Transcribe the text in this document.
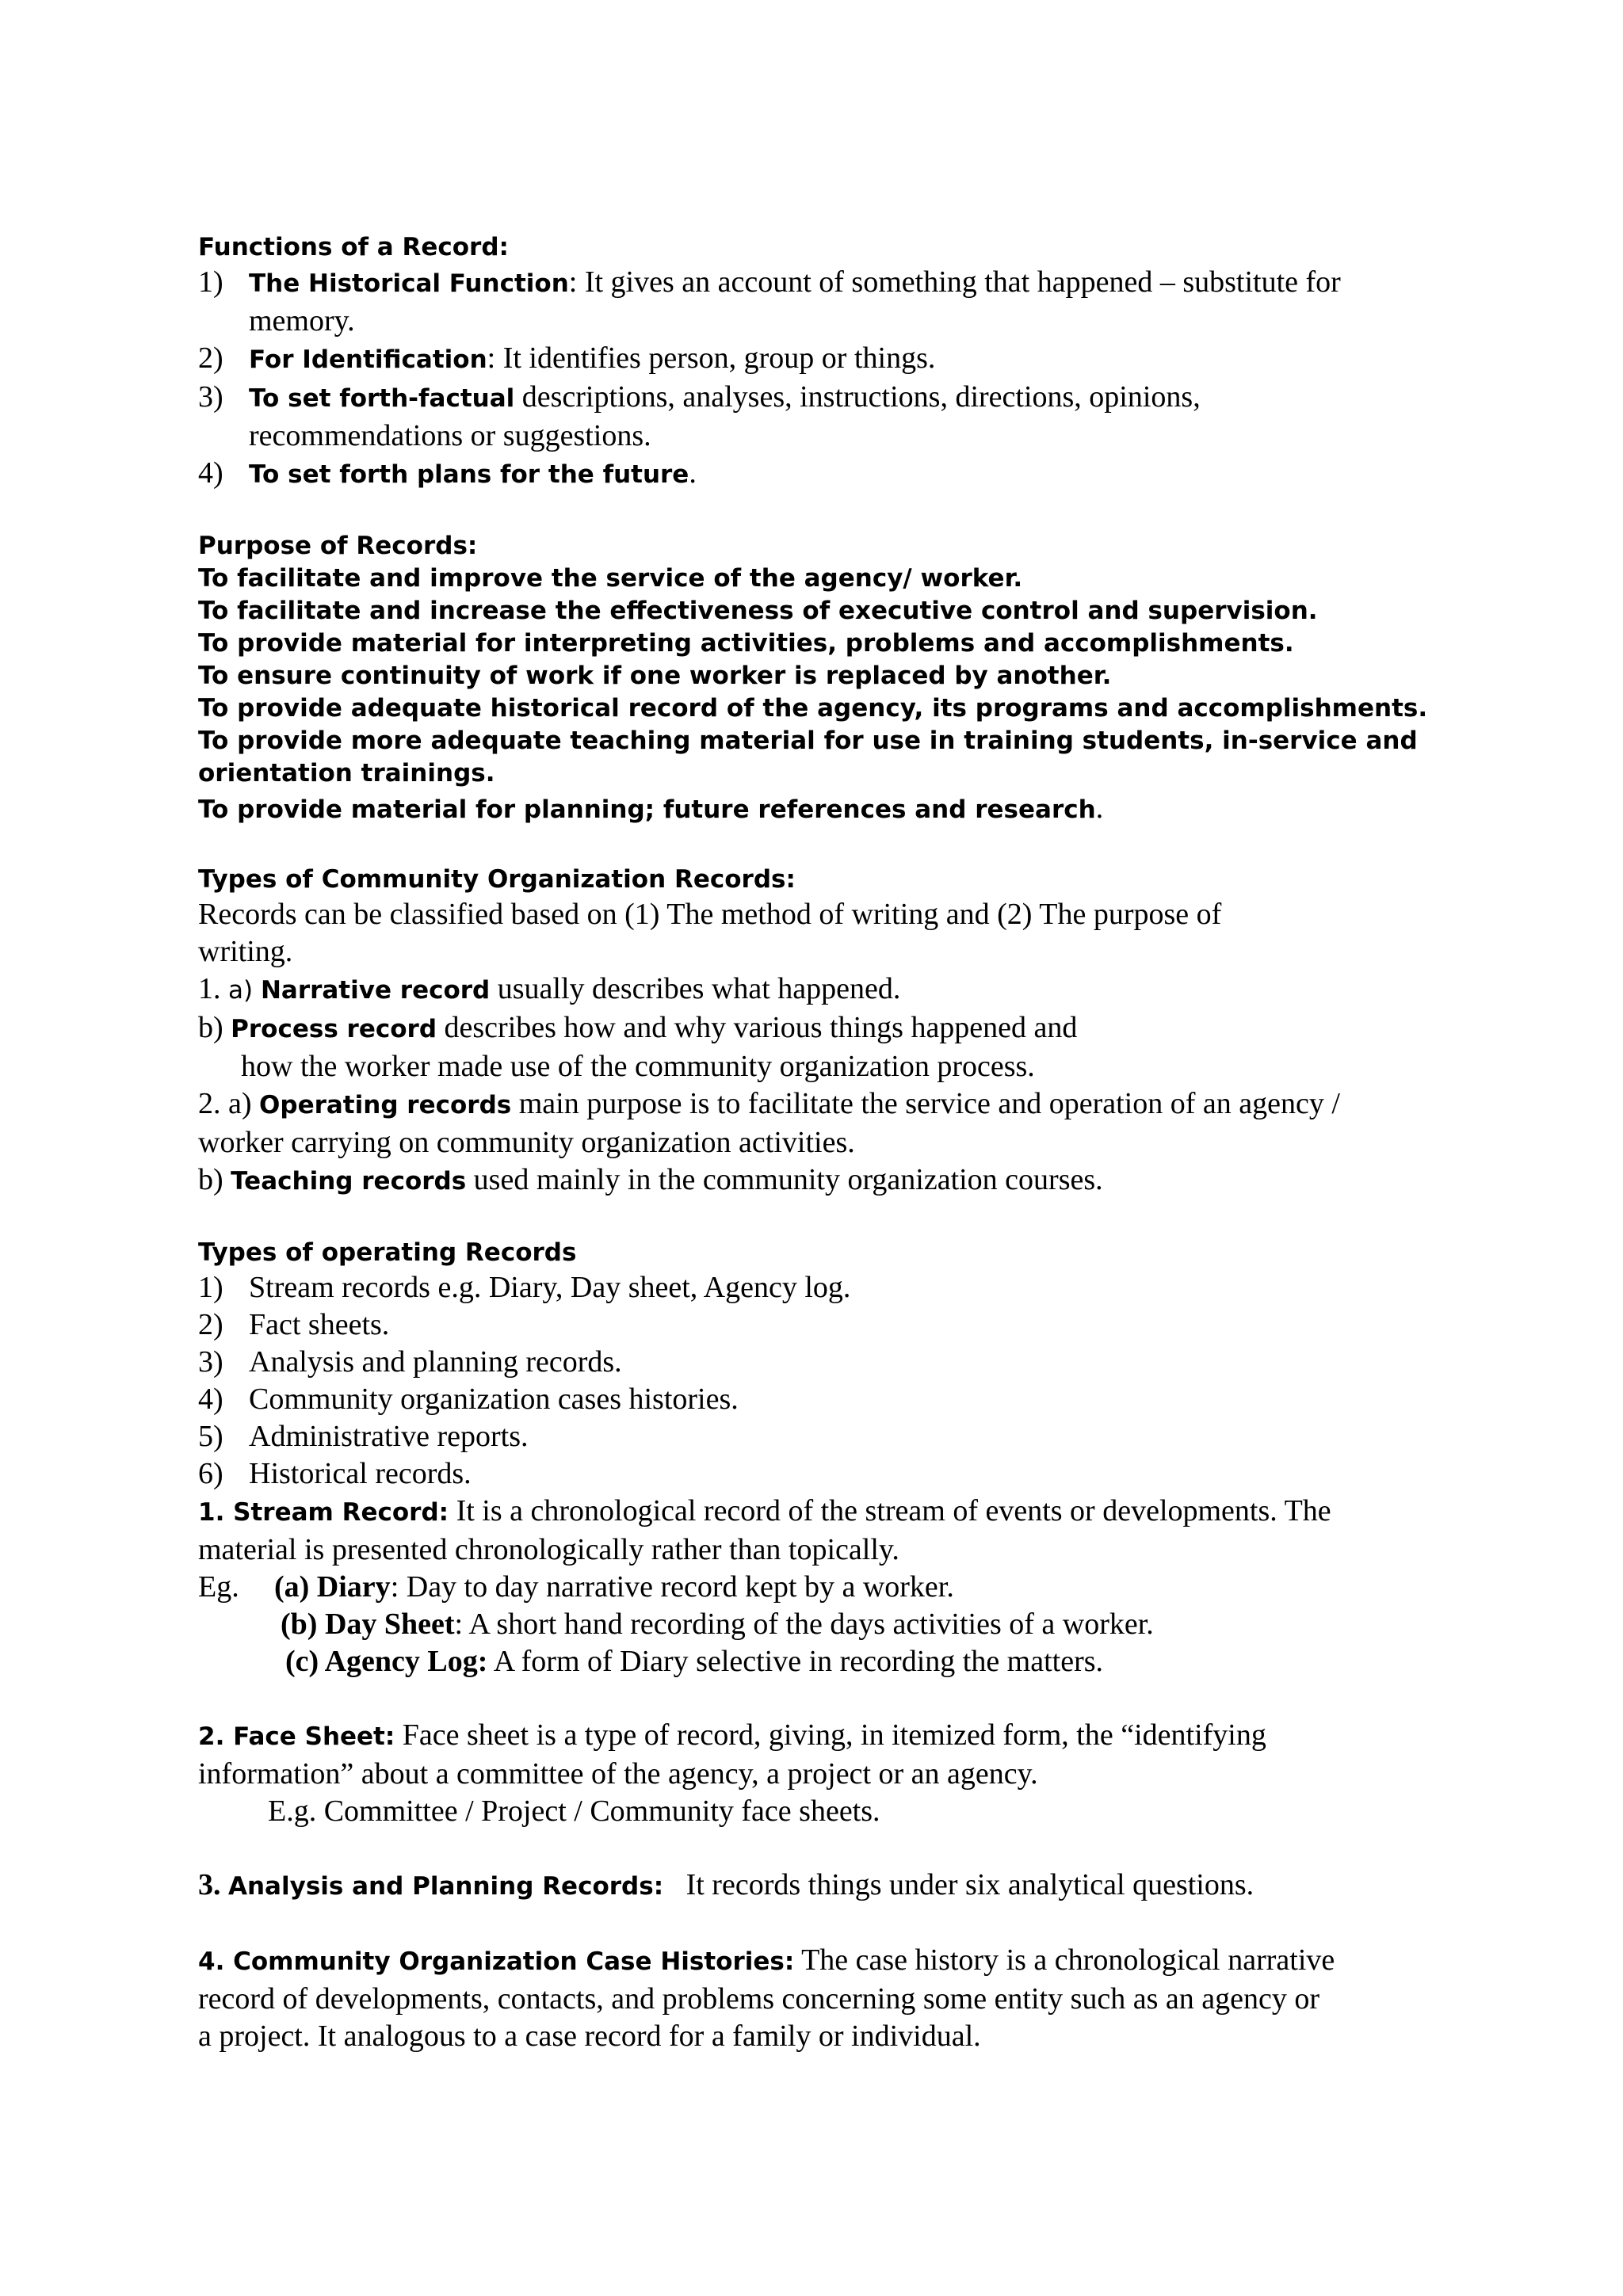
Functions of a Record:
1) The Historical Function: It gives an account of something that happened – substitute for
memory.
2) For Identification: It identifies person, group or things.
3) To set forth-factual descriptions, analyses, instructions, directions, opinions,
recommendations or suggestions.
4) To set forth plans for the future.
Purpose of Records:
To facilitate and improve the service of the agency/ worker.
To facilitate and increase the effectiveness of executive control and supervision.
To provide material for interpreting activities, problems and accomplishments.
To ensure continuity of work if one worker is replaced by another.
To provide adequate historical record of the agency, its programs and accomplishments.
To provide more adequate teaching material for use in training students, in-service and
orientation trainings.
To provide material for planning; future references and research.
Types of Community Organization Records:
Records can be classified based on (1) The method of writing and (2) The purpose of
writing.
1. a) Narrative record usually describes what happened.
b) Process record describes how and why various things happened and
how the worker made use of the community organization process.
2. a) Operating records main purpose is to facilitate the service and operation of an agency /
worker carrying on community organization activities.
b) Teaching records used mainly in the community organization courses.
Types of operating Records
1) Stream records e.g. Diary, Day sheet, Agency log.
2) Fact sheets.
3) Analysis and planning records.
4) Community organization cases histories.
5) Administrative reports.
6) Historical records.
1. Stream Record: It is a chronological record of the stream of events or developments. The
material is presented chronologically rather than topically.
Eg. (a) Diary: Day to day narrative record kept by a worker.
(b) Day Sheet: A short hand recording of the days activities of a worker.
(c) Agency Log: A form of Diary selective in recording the matters.
2. Face Sheet: Face sheet is a type of record, giving, in itemized form, the “identifying
information” about a committee of the agency, a project or an agency.
E.g. Committee / Project / Community face sheets.
3. Analysis and Planning Records:   It records things under six analytical questions.
4. Community Organization Case Histories: The case history is a chronological narrative
record of developments, contacts, and problems concerning some entity such as an agency or
a project. It analogous to a case record for a family or individual.
